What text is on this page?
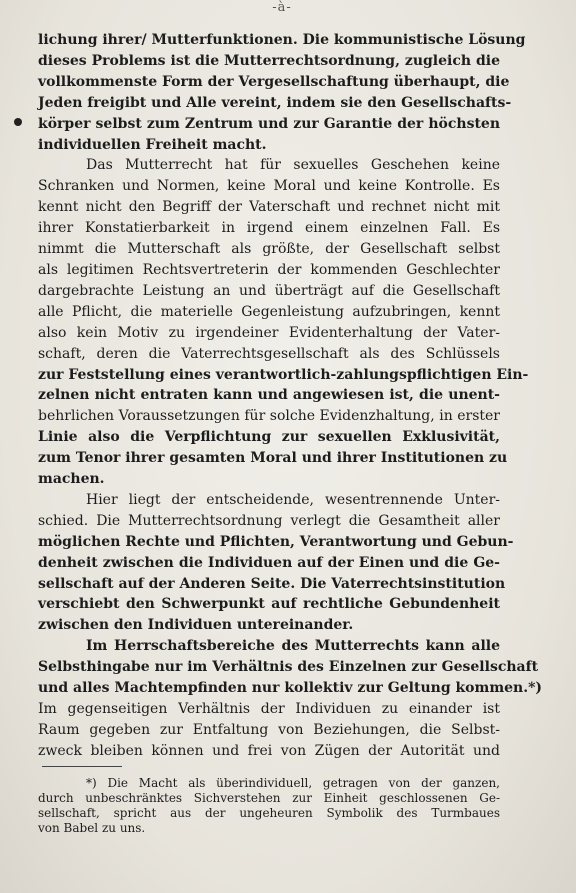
-à-
lichung ihrer/ Mutterfunktionen. Die kommunistische Lösung
dieses Problems ist die Mutterrechtsordnung, zugleich die
vollkommenste Form der Vergesellschaftung überhaupt, die
Jeden freigibt und Alle vereint, indem sie den Gesellschafts-
körper selbst zum Zentrum und zur Garantie der höchsten
individuellen Freiheit macht.
Das Mutterrecht hat für sexuelles Geschehen keine
Schranken und Normen, keine Moral und keine Kontrolle. Es
kennt nicht den Begriff der Vaterschaft und rechnet nicht mit
ihrer Konstatierbarkeit in irgend einem einzelnen Fall. Es
nimmt die Mutterschaft als größte, der Gesellschaft selbst
als legitimen Rechtsvertreterin der kommenden Geschlechter
dargebrachte Leistung an und überträgt auf die Gesellschaft
alle Pflicht, die materielle Gegenleistung aufzubringen, kennt
also kein Motiv zu irgendeiner Evidenterhaltung der Vater-
schaft, deren die Vaterrechtsgesellschaft als des Schlüssels
zur Feststellung eines verantwortlich-zahlungspflichtigen Ein-
zelnen nicht entraten kann und angewiesen ist, die unent-
behrlichen Voraussetzungen für solche Evidenzhaltung, in erster
Linie also die Verpflichtung zur sexuellen Exklusivität,
zum Tenor ihrer gesamten Moral und ihrer Institutionen zu
machen.
Hier liegt der entscheidende, wesentrennende Unter-
schied. Die Mutterrechtsordnung verlegt die Gesamtheit aller
möglichen Rechte und Pflichten, Verantwortung und Gebun-
denheit zwischen die Individuen auf der Einen und die Ge-
sellschaft auf der Anderen Seite. Die Vaterrechtsinstitution
verschiebt den Schwerpunkt auf rechtliche Gebundenheit
zwischen den Individuen untereinander.
Im Herrschaftsbereiche des Mutterrechts kann alle
Selbsthingabe nur im Verhältnis des Einzelnen zur Gesellschaft
und alles Machtempfinden nur kollektiv zur Geltung kommen.*)
Im gegenseitigen Verhältnis der Individuen zu einander ist
Raum gegeben zur Entfaltung von Beziehungen, die Selbst-
zweck bleiben können und frei von Zügen der Autorität und
*) Die Macht als überindividuell, getragen von der ganzen,
durch unbeschränktes Sichverstehen zur Einheit geschlossenen Ge-
sellschaft, spricht aus der ungeheuren Symbolik des Turmbaues
von Babel zu uns.
